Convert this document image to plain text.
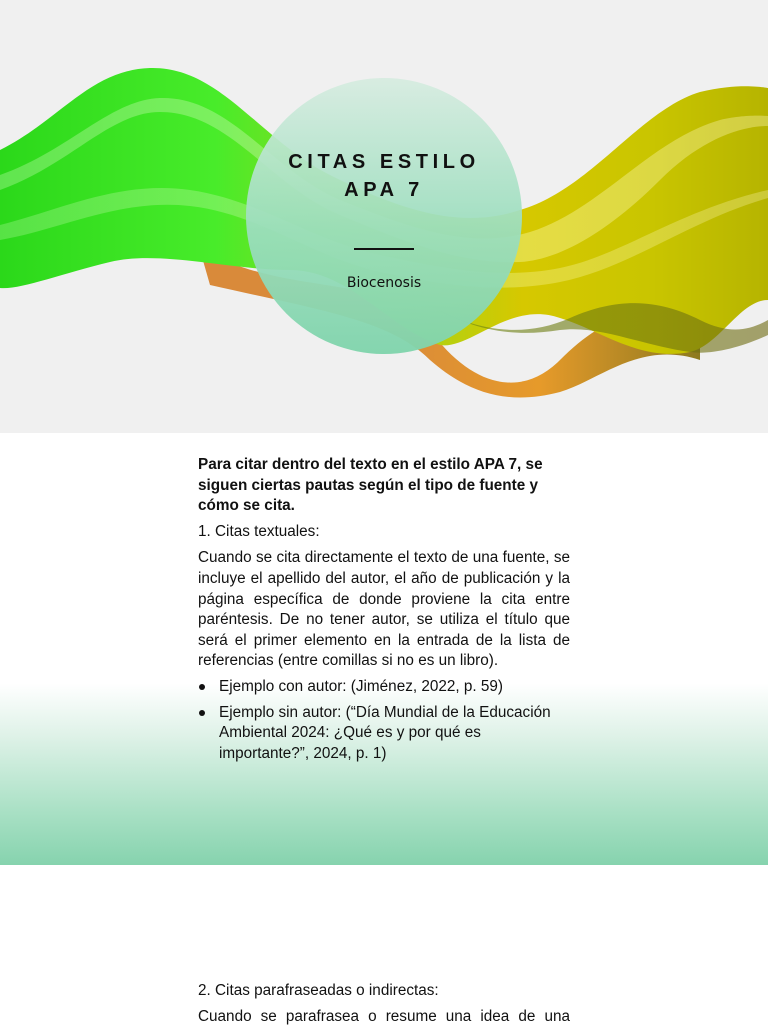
CITAS ESTILO
APA 7
Biocenosis

Para citar dentro del texto en el estilo APA 7, se siguen ciertas pautas según el tipo de fuente y cómo se cita.

1. Citas textuales:

Cuando se cita directamente el texto de una fuente, se incluye el apellido del autor, el año de publicación y la página específica de donde proviene la cita entre paréntesis. De no tener autor, se utiliza el título que será el primer elemento en la entrada de la lista de referencias (entre comillas si no es un libro).

Ejemplo con autor: (Jiménez, 2022, p. 59)
Ejemplo sin autor: (“Día Mundial de la Educación Ambiental 2024: ¿Qué es y por qué es importante?”, 2024, p. 1)

2. Citas parafraseadas o indirectas:

Cuando se parafrasea o resume una idea de una
